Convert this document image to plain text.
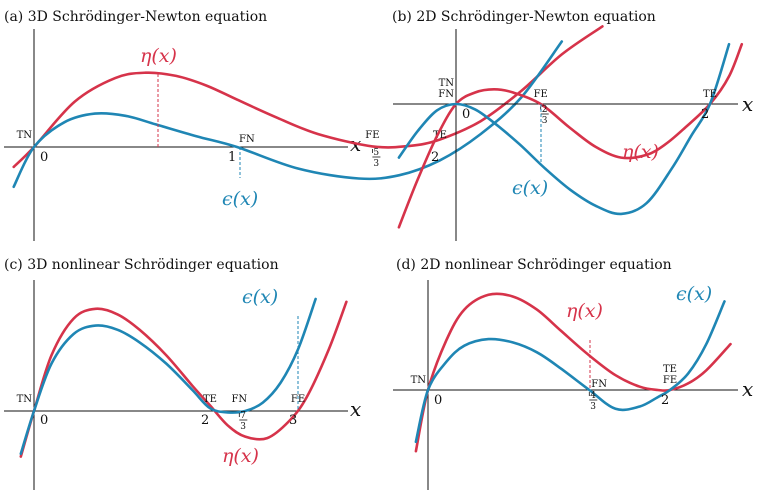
(a) 3D Schrödinger-Newton equation
x
η(x)
ϵ(x)
0	1	2
5
3
TN	FN	TE
FE
(b) 2D Schrödinger-Newton equation
x
η(x)
ϵ(x)
0	2
2
3
TN
FN	FE	TE
(c) 3D nonlinear Schrödinger equation
x
η(x)
ϵ(x)
0	2	3
7
3
TN	TE FN	FE
(d) 2D nonlinear Schrödinger equation
x
η(x)
ϵ(x)
0	2
4
3
TN	FN
TE
FE
